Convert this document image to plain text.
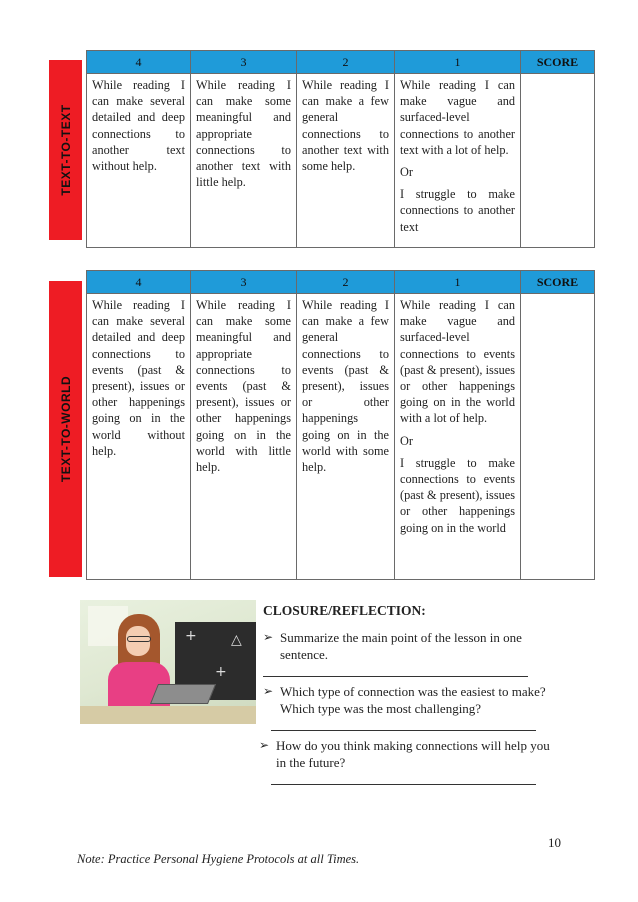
TEXT-TO-TEXT
4	3	2	1	SCORE

While reading I can make several detailed and deep connections to another text without help.	While reading I can make some meaningful and appropriate connections to another text with little help.	While reading I can make a few general connections to another text with some help.	While reading I can make vague and surfaced-level connections to another text with a lot of help.

Or

I struggle to make connections to another text	

TEXT-TO-WORLD
4	3	2	1	SCORE

While reading I can make several detailed and deep connections to events (past & present), issues or other happenings going on in the world without help.	While reading I can make some meaningful and appropriate connections to events (past & present), issues or other happenings going on in the world with little help.	While reading I can make a few general connections to events (past & present), issues or other happenings going on in the world with some help.	While reading I can make vague and surfaced-level connections to events (past & present), issues or other happenings going on in the world with a lot of help.

Or

I struggle to make connections to events (past & present), issues or other happenings going on in the world	

+ △
+
CLOSURE/REFLECTION:
➢ Summarize the main point of the lesson in one sentence.
➢ Which type of connection was the easiest to make? Which type was the most challenging?
➢ How do you think making connections will help you in the future?
10
Note: Practice Personal Hygiene Protocols at all Times.
